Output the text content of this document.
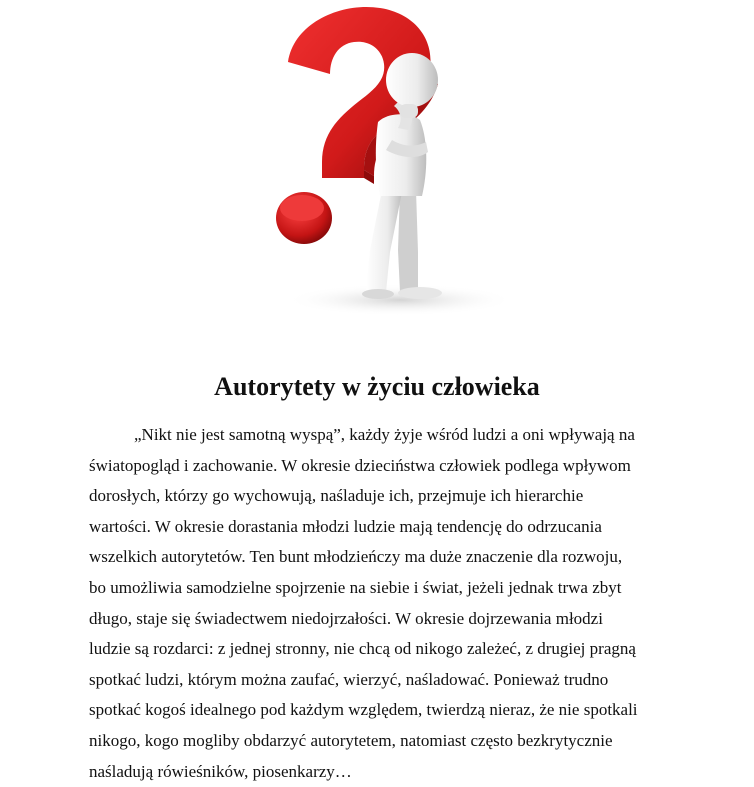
Autorytety w życiu człowieka
„Nikt nie jest samotną wyspą”, każdy żyje wśród ludzi a oni wpływają na
światopogląd i zachowanie. W okresie dzieciństwa człowiek podlega wpływom
dorosłych, którzy go wychowują, naśladuje ich, przejmuje ich hierarchie
wartości. W okresie dorastania młodzi ludzie mają tendencję do odrzucania
wszelkich autorytetów. Ten bunt młodzieńczy ma duże znaczenie dla rozwoju,
bo umożliwia samodzielne spojrzenie na siebie i świat, jeżeli jednak trwa zbyt
długo, staje się świadectwem niedojrzałości. W okresie dojrzewania młodzi
ludzie są rozdarci: z jednej stronny, nie chcą od nikogo zależeć, z drugiej pragną
spotkać ludzi, którym można zaufać, wierzyć, naśladować. Ponieważ trudno
spotkać kogoś idealnego pod każdym względem, twierdzą nieraz, że nie spotkali
nikogo, kogo mogliby obdarzyć autorytetem, natomiast często bezkrytycznie
naśladują rówieśników, piosenkarzy…
